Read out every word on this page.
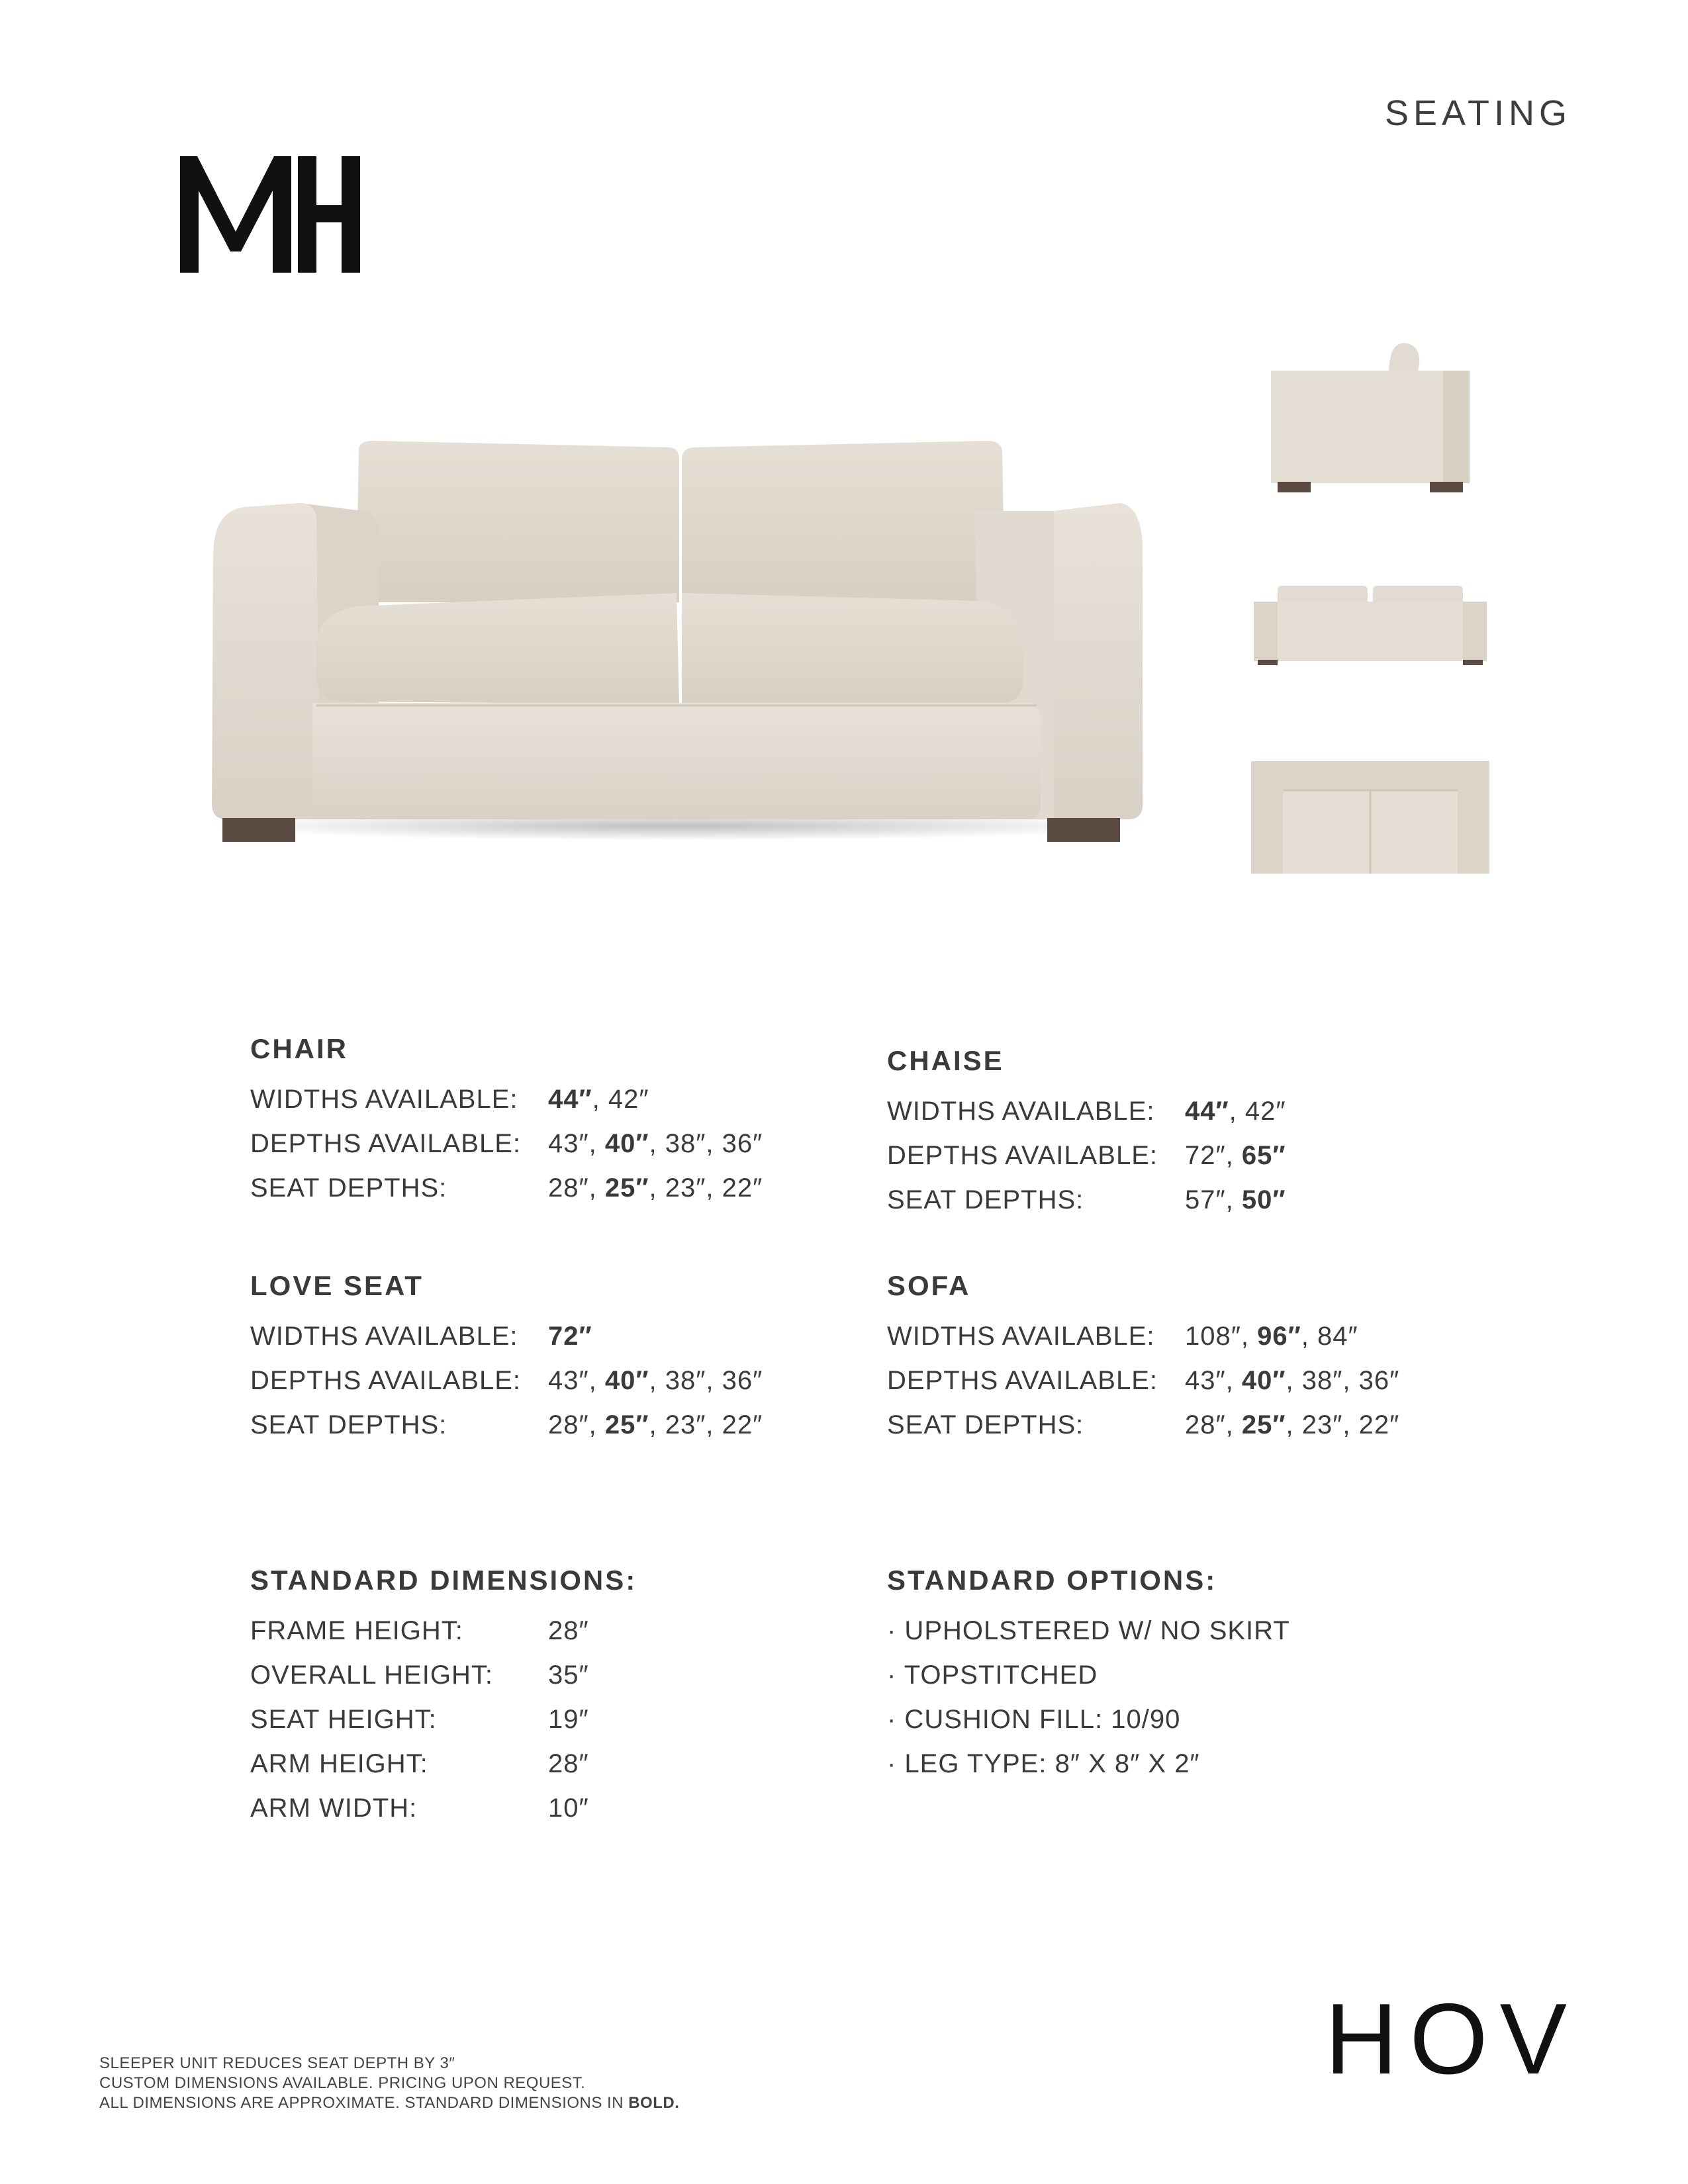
SEATING
CHAIR
WIDTHS AVAILABLE:	44″, 42″
DEPTHS AVAILABLE:	43″, 40″, 38″, 36″
SEAT DEPTHS:	28″, 25″, 23″, 22″
CHAISE
WIDTHS AVAILABLE:	44″, 42″
DEPTHS AVAILABLE:	72″, 65″
SEAT DEPTHS:	57″, 50″
LOVE SEAT
WIDTHS AVAILABLE:	72″
DEPTHS AVAILABLE:	43″, 40″, 38″, 36″
SEAT DEPTHS:	28″, 25″, 23″, 22″
SOFA
WIDTHS AVAILABLE:	108″, 96″, 84″
DEPTHS AVAILABLE:	43″, 40″, 38″, 36″
SEAT DEPTHS:	28″, 25″, 23″, 22″
STANDARD DIMENSIONS:
FRAME HEIGHT:	28″
OVERALL HEIGHT:	35″
SEAT HEIGHT:	19″
ARM HEIGHT:	28″
ARM WIDTH:	10″
STANDARD OPTIONS:
· UPHOLSTERED W/ NO SKIRT
· TOPSTITCHED
· CUSHION FILL: 10/90
· LEG TYPE: 8″ X 8″ X 2″
HOV
SLEEPER UNIT REDUCES SEAT DEPTH BY 3″
CUSTOM DIMENSIONS AVAILABLE. PRICING UPON REQUEST.
ALL DIMENSIONS ARE APPROXIMATE. STANDARD DIMENSIONS IN BOLD.
